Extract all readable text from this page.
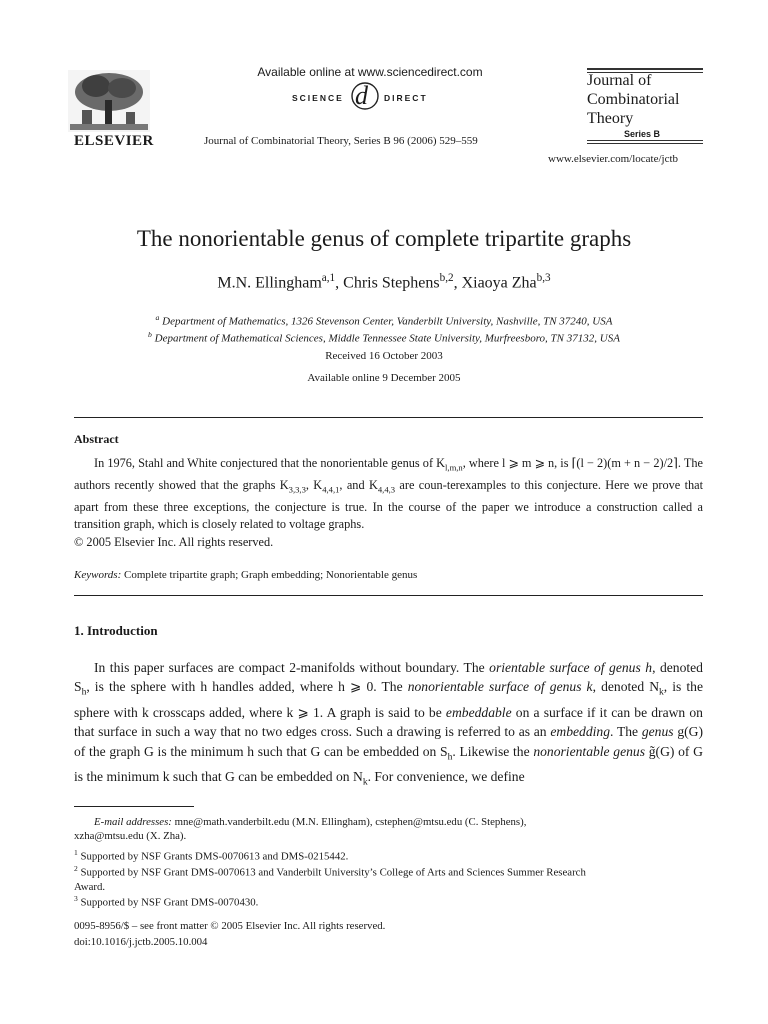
ELSEVIER
Available online at www.sciencedirect.com
SCIENCE d DIRECT
Journal of Combinatorial Theory, Series B 96 (2006) 529–559
Journal of
Combinatorial
Theory
Series B
www.elsevier.com/locate/jctb
The nonorientable genus of complete tripartite graphs
M.N. Ellingham$^{a,1}$, Chris Stephens$^{b,2}$, Xiaoya Zha$^{b,3}$
$^a$ Department of Mathematics, 1326 Stevenson Center, Vanderbilt University, Nashville, TN 37240, USA
$^b$ Department of Mathematical Sciences, Middle Tennessee State University, Murfreesboro, TN 37132, USA
Received 16 October 2003
Available online 9 December 2005
Abstract
In 1976, Stahl and White conjectured that the nonorientable genus of $K_{l,m,n}$, where l ⩾ m ⩾ n, is ⌈(l − 2)(m + n − 2)/2⌉. The authors recently showed that the graphs $K_{3,3,3}$, $K_{4,4,1}$, and $K_{4,4,3}$ are coun-terexamples to this conjecture. Here we prove that apart from these three exceptions, the conjecture is true. In the course of the paper we introduce a construction called a transition graph, which is closely related to voltage graphs.
© 2005 Elsevier Inc. All rights reserved.
Keywords: Complete tripartite graph; Graph embedding; Nonorientable genus
1. Introduction
In this paper surfaces are compact 2-manifolds without boundary. The orientable surface of genus h, denoted $S_h$, is the sphere with h handles added, where h ⩾ 0. The nonorientable surface of genus k, denoted $N_k$, is the sphere with k crosscaps added, where k ⩾ 1. A graph is said to be embeddable on a surface if it can be drawn on that surface in such a way that no two edges cross. Such a drawing is referred to as an embedding. The genus g(G) of the graph G is the minimum h such that G can be embedded on $S_h$. Likewise the nonorientable genus g̃(G) of G is the minimum k such that G can be embedded on $N_k$. For convenience, we define
E-mail addresses: mne@math.vanderbilt.edu (M.N. Ellingham), cstephen@mtsu.edu (C. Stephens),
xzha@mtsu.edu (X. Zha).
$^1$ Supported by NSF Grants DMS-0070613 and DMS-0215442.
$^2$ Supported by NSF Grant DMS-0070613 and Vanderbilt University’s College of Arts and Sciences Summer Research
Award.
$^3$ Supported by NSF Grant DMS-0070430.
0095-8956/$ – see front matter © 2005 Elsevier Inc. All rights reserved.
doi:10.1016/j.jctb.2005.10.004
